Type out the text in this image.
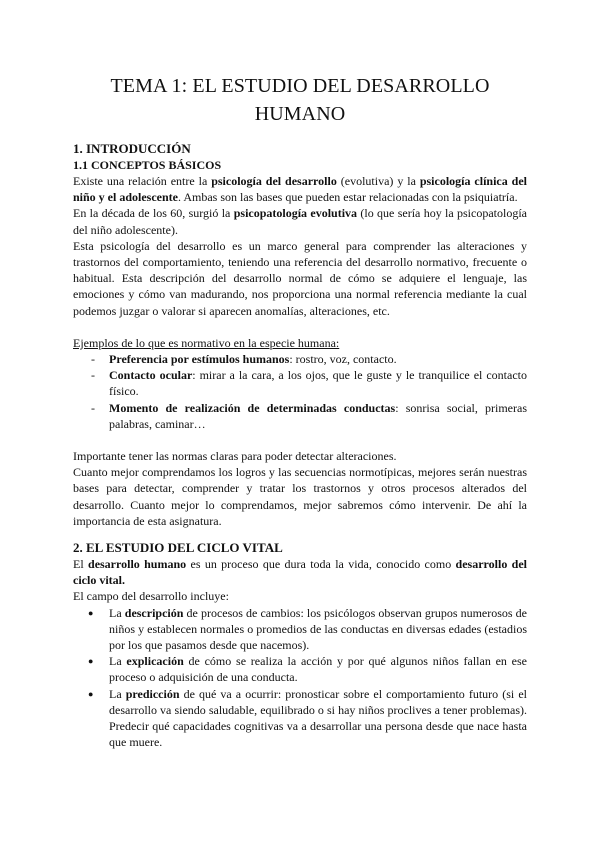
TEMA 1: EL ESTUDIO DEL DESARROLLO
HUMANO
1. INTRODUCCIÓN
1.1 CONCEPTOS BÁSICOS

Existe una relación entre la psicología del desarrollo (evolutiva) y la psicología clínica del niño y el adolescente. Ambas son las bases que pueden estar relacionadas con la psiquiatría.

En la década de los 60, surgió la psicopatología evolutiva (lo que sería hoy la psicopatología del niño adolescente).

Esta psicología del desarrollo es un marco general para comprender las alteraciones y trastornos del comportamiento, teniendo una referencia del desarrollo normativo, frecuente o habitual. Esta descripción del desarrollo normal de cómo se adquiere el lenguaje, las emociones y cómo van madurando, nos proporciona una normal referencia mediante la cual podemos juzgar o valorar si aparecen anomalías, alteraciones, etc.

Ejemplos de lo que es normativo en la especie humana:

- Preferencia por estímulos humanos: rostro, voz, contacto.
- Contacto ocular: mirar a la cara, a los ojos, que le guste y le tranquilice el contacto físico.
- Momento de realización de determinadas conductas: sonrisa social, primeras palabras, caminar…

Importante tener las normas claras para poder detectar alteraciones.

Cuanto mejor comprendamos los logros y las secuencias normotípicas, mejores serán nuestras bases para detectar, comprender y tratar los trastornos y otros procesos alterados del desarrollo. Cuanto mejor lo comprendamos, mejor sabremos cómo intervenir. De ahí la importancia de esta asignatura.

2. EL ESTUDIO DEL CICLO VITAL

El desarrollo humano es un proceso que dura toda la vida, conocido como desarrollo del ciclo vital.

El campo del desarrollo incluye:

● La descripción de procesos de cambios: los psicólogos observan grupos numerosos de niños y establecen normales o promedios de las conductas en diversas edades (estadios por los que pasamos desde que nacemos).
● La explicación de cómo se realiza la acción y por qué algunos niños fallan en ese proceso o adquisición de una conducta.
● La predicción de qué va a ocurrir: pronosticar sobre el comportamiento futuro (si el desarrollo va siendo saludable, equilibrado o si hay niños proclives a tener problemas). Predecir qué capacidades cognitivas va a desarrollar una persona desde que nace hasta que muere.
